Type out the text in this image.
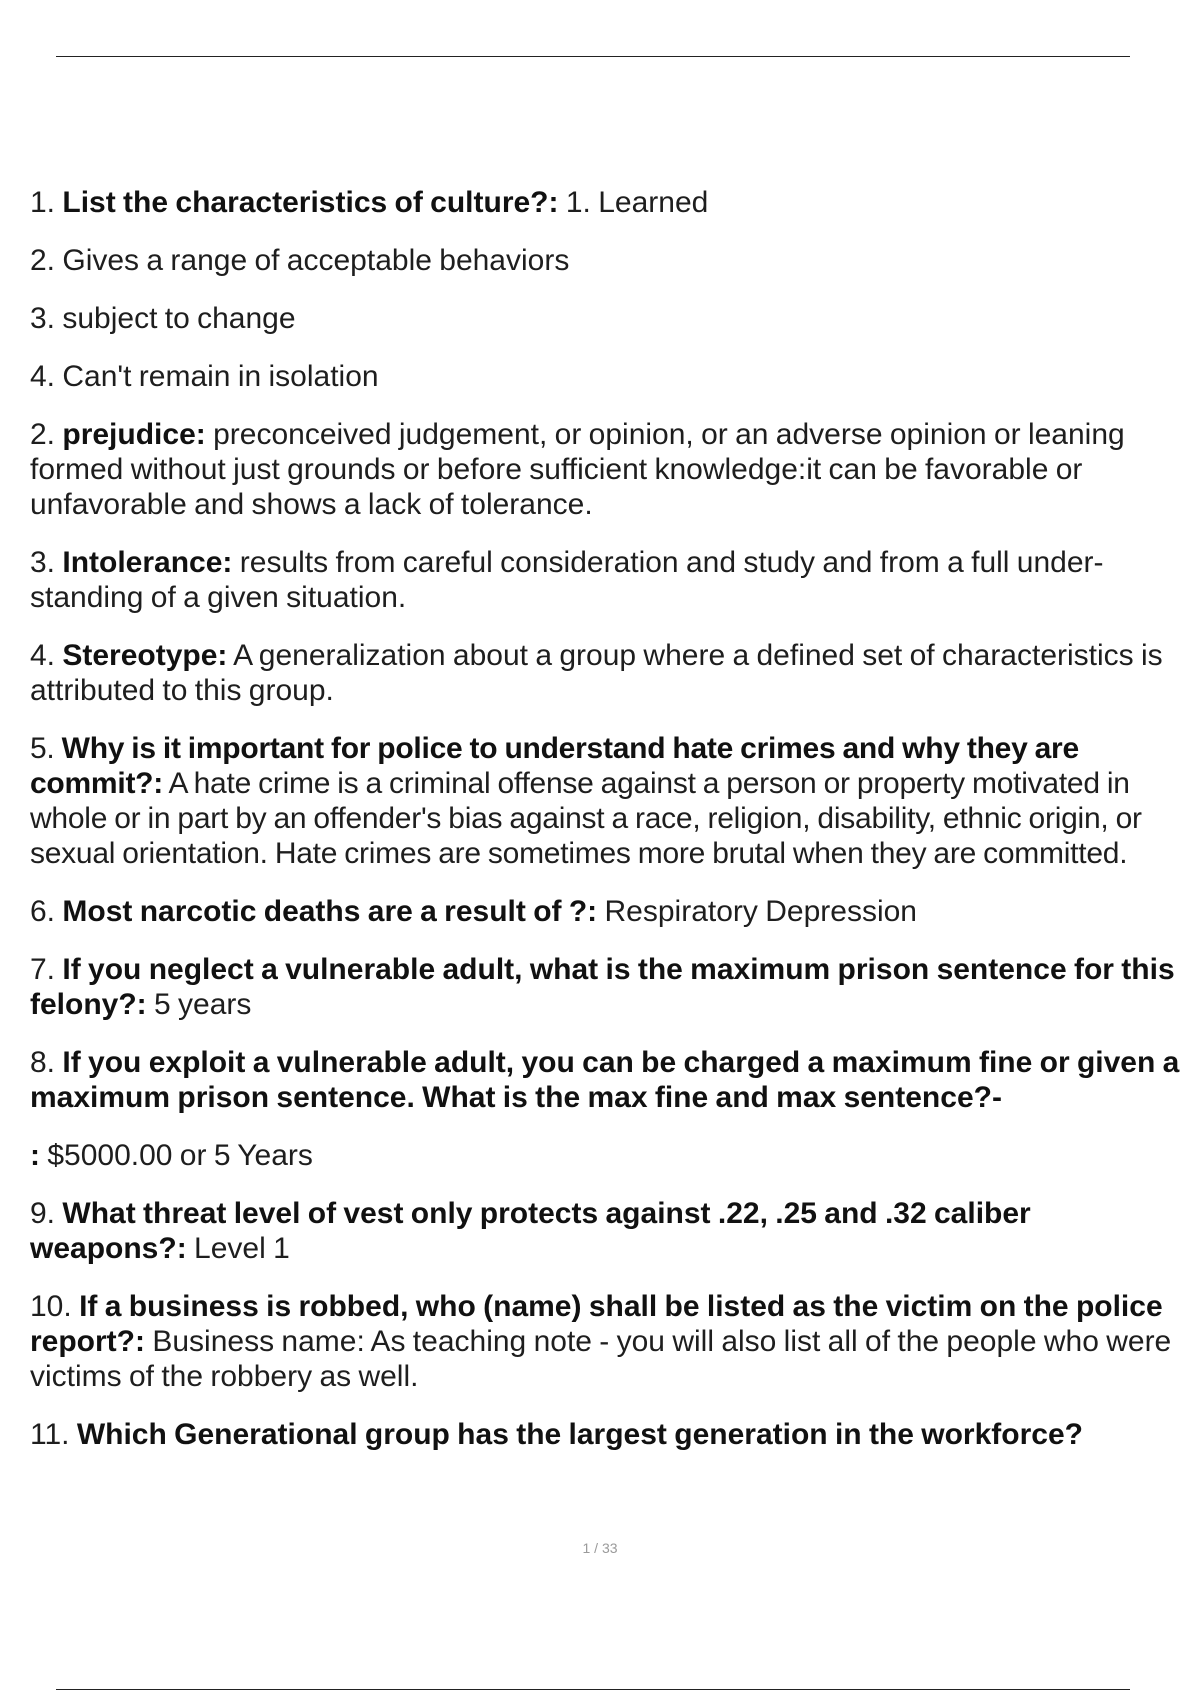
1. List the characteristics of culture?: 1. Learned

2. Gives a range of acceptable behaviors

3. subject to change

4. Can't remain in isolation

2. prejudice: preconceived judgement, or opinion, or an adverse opinion or leaning formed without just grounds or before sufficient knowledge:it can be favorable or unfavorable and shows a lack of tolerance.

3. Intolerance: results from careful consideration and study and from a full under- standing of a given situation.

4. Stereotype: A generalization about a group where a defined set of characteristics is attributed to this group.

5. Why is it important for police to understand hate crimes and why they are commit?: A hate crime is a criminal offense against a person or property motivated in whole or in part by an offender's bias against a race, religion, disability, ethnic origin, or sexual orientation. Hate crimes are sometimes more brutal when they are committed.

6. Most narcotic deaths are a result of ?: Respiratory Depression

7. If you neglect a vulnerable adult, what is the maximum prison sentence for this felony?: 5 years

8. If you exploit a vulnerable adult, you can be charged a maximum fine or given a maximum prison sentence. What is the max fine and max sentence?-

: $5000.00 or 5 Years

9. What threat level of vest only protects against .22, .25 and .32 caliber weapons?: Level 1

10. If a business is robbed, who (name) shall be listed as the victim on the police report?: Business name: As teaching note - you will also list all of the people who were victims of the robbery as well.

11. Which Generational group has the largest generation in the workforce?

1 / 33
